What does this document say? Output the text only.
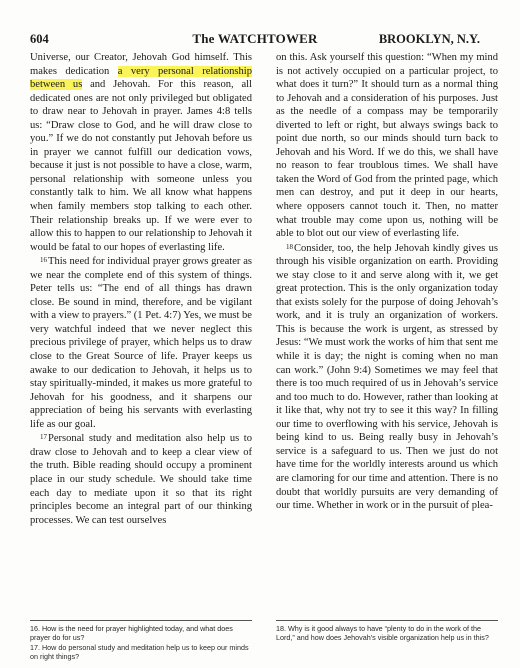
604	The WATCHTOWER	BROOKLYN, N.Y.

Universe, our Creator, Jehovah God himself. This makes dedication a very personal relationship between us and Jehovah. For this reason, all dedicated ones are not only privileged but obligated to draw near to Jehovah in prayer. James 4:8 tells us: “Draw close to God, and he will draw close to you.” If we do not constantly put Jehovah before us in prayer we cannot fulfill our dedication vows, because it just is not possible to have a close, warm, personal relationship with someone unless you constantly talk to him. We all know what happens when family members stop talking to each other. Their relationship breaks up. If we were ever to allow this to happen to our relationship to Jehovah it would be fatal to our hopes of everlasting life.

16This need for individual prayer grows greater as we near the complete end of this system of things. Peter tells us: “The end of all things has drawn close. Be sound in mind, therefore, and be vigilant with a view to prayers.” (1 Pet. 4:7) Yes, we must be very watchful indeed that we never neglect this precious privilege of prayer, which helps us to draw close to the Great Source of life. Prayer keeps us awake to our dedication to Jehovah, it helps us to stay spiritually-minded, it makes us more grateful to Jehovah for his goodness, and it sharpens our appreciation of being his servants with everlasting life as our goal.

17Personal study and meditation also help us to draw close to Jehovah and to keep a clear view of the truth. Bible reading should occupy a prominent place in our study schedule. We should take time each day to mediate upon it so that its right principles become an integral part of our thinking processes. We can test ourselves

on this. Ask yourself this question: “When my mind is not actively occupied on a particular project, to what does it turn?” It should turn as a normal thing to Jehovah and a consideration of his purposes. Just as the needle of a compass may be temporarily diverted to left or right, but always swings back to point due north, so our minds should turn back to Jehovah and his Word. If we do this, we shall have no reason to fear troublous times. We shall have taken the Word of God from the printed page, which men can destroy, and put it deep in our hearts, where opposers cannot touch it. Then, no matter what trouble may come upon us, nothing will be able to blot out our view of everlasting life.

18Consider, too, the help Jehovah kindly gives us through his visible organization on earth. Providing we stay close to it and serve along with it, we get great protection. This is the only organization today that exists solely for the purpose of doing Jehovah’s work, and it is truly an organization of workers. This is because the work is urgent, as stressed by Jesus: “We must work the works of him that sent me while it is day; the night is coming when no man can work.” (John 9:4) Sometimes we may feel that there is too much required of us in Jehovah’s service and too much to do. However, rather than looking at it like that, why not try to see it this way? In filling our time to overflowing with his service, Jehovah is being kind to us. Being really busy in Jehovah’s service is a safeguard to us. Then we just do not have time for the worldly interests around us which are clamoring for our time and attention. There is no doubt that worldly pursuits are very demanding of our time. Whether in work or in the pursuit of plea-

16. How is the need for prayer highlighted today, and what does prayer do for us?

17. How do personal study and meditation help us to keep our minds on right things?

18. Why is it good always to have “plenty to do in the work of the Lord,” and how does Jehovah’s visible organization help us in this?
